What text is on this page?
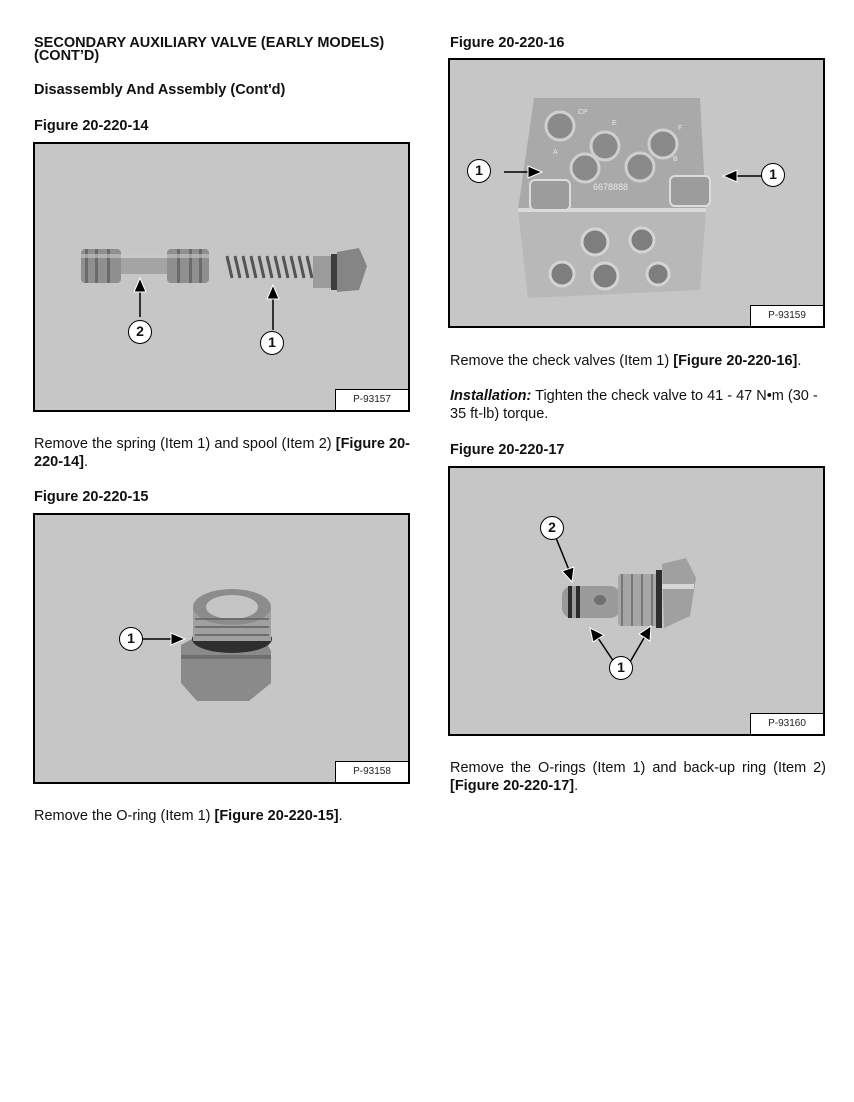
SECONDARY AUXILIARY VALVE (EARLY MODELS)
(CONT’D)
Disassembly And Assembly (Cont'd)
Figure 20-220-14
2
1
P-93157
Remove the spring (Item 1) and spool (Item 2) [Figure 20-220-14].
Figure 20-220-15
1
P-93158
Remove the O-ring (Item 1) [Figure 20-220-15].
Figure 20-220-16
CP
E
F
A
B
6678888
1	1
P-93159
Remove the check valves (Item 1) [Figure 20-220-16].
Installation: Tighten the check valve to 41 - 47 N•m (30 - 35 ft-lb) torque.
Figure 20-220-17
2
1
P-93160
Remove the O-rings (Item 1) and back-up ring (Item 2) [Figure 20-220-17].
